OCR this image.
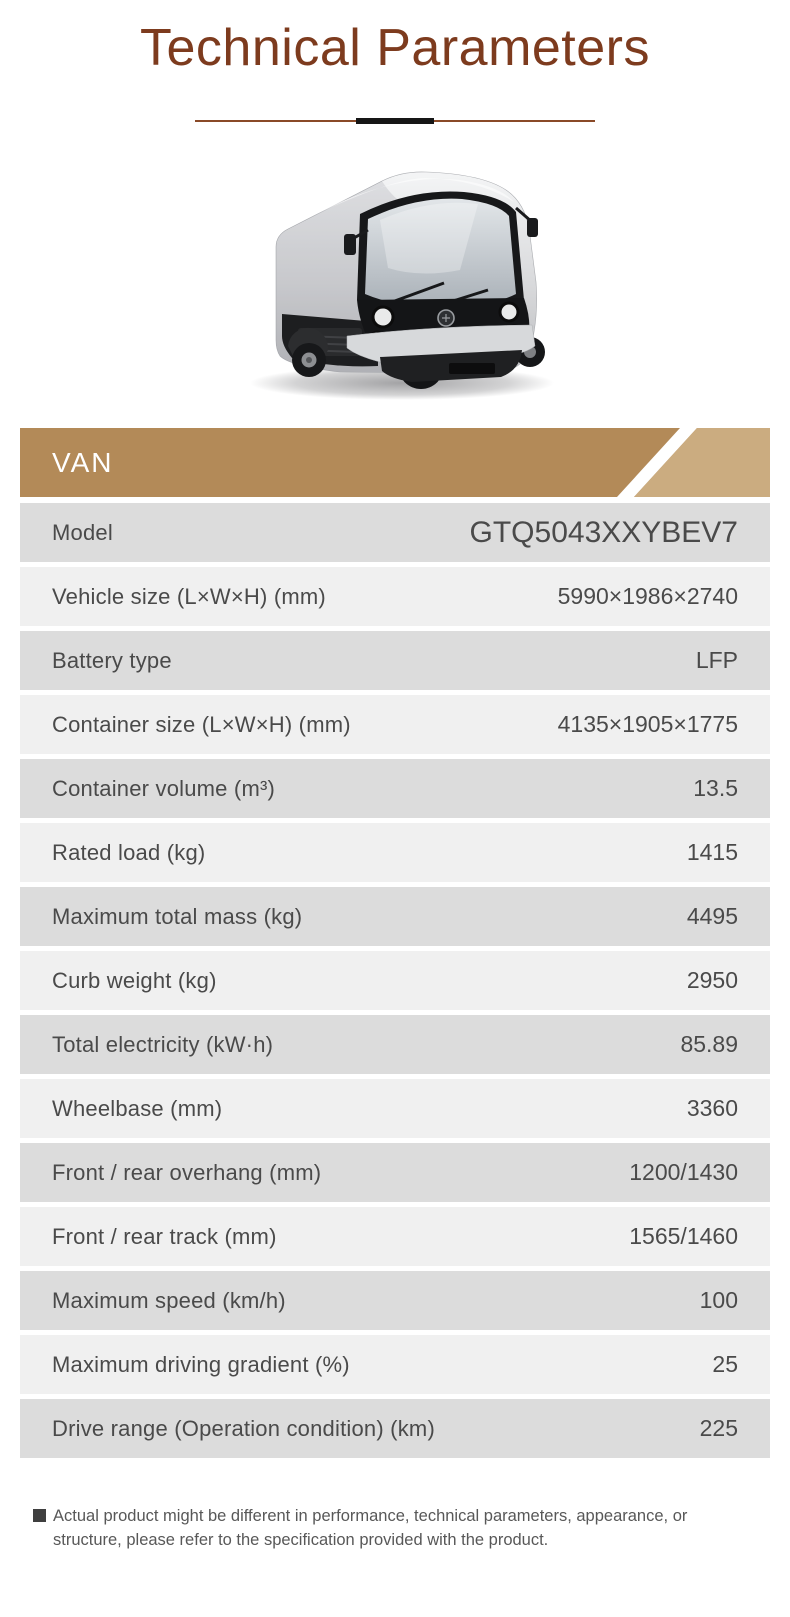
Technical Parameters
VAN
Model	GTQ5043XXYBEV7
Vehicle size (L×W×H) (mm)	5990×1986×2740
Battery type	LFP
Container size (L×W×H) (mm)	4135×1905×1775
Container volume (m³)	13.5
Rated load (kg)	1415
Maximum total mass (kg)	4495
Curb weight (kg)	2950
Total electricity (kW·h)	85.89
Wheelbase (mm)	3360
Front / rear overhang (mm)	1200/1430
Front / rear track (mm)	1565/1460
Maximum speed (km/h)	100
Maximum driving gradient (%)	25
Drive range (Operation condition) (km)	225

Actual product might be different in performance, technical parameters, appearance, or structure, please refer to the specification provided with the product.
